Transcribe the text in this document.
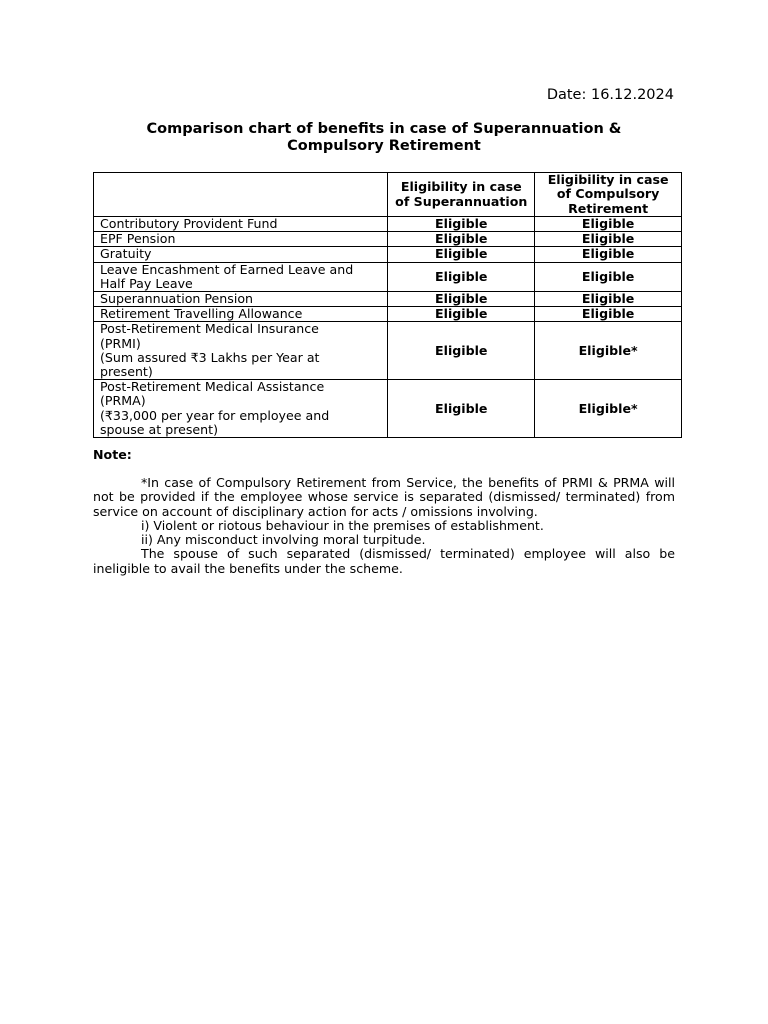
Date: 16.12.2024
Comparison chart of benefits in case of Superannuation &
Compulsory Retirement
	Eligibility in case of Superannuation	Eligibility in case of Compulsory Retirement
Contributory Provident Fund	Eligible	Eligible
EPF Pension	Eligible	Eligible
Gratuity	Eligible	Eligible
Leave Encashment of Earned Leave and Half Pay Leave	Eligible	Eligible
Superannuation Pension	Eligible	Eligible
Retirement Travelling Allowance	Eligible	Eligible

Post-Retirement Medical Insurance (PRMI)
(Sum assured ₹3 Lakhs per Year at present)	Eligible	Eligible*

Post-Retirement Medical Assistance (PRMA)
(₹33,000 per year for employee and spouse at present)	Eligible	Eligible*
Note:

*In case of Compulsory Retirement from Service, the benefits of PRMI & PRMA will not be provided if the employee whose service is separated (dismissed/ terminated) from service on account of disciplinary action for acts / omissions involving.

i) Violent or riotous behaviour in the premises of establishment.

ii) Any misconduct involving moral turpitude.

The spouse of such separated (dismissed/ terminated) employee will also be ineligible to avail the benefits under the scheme.
